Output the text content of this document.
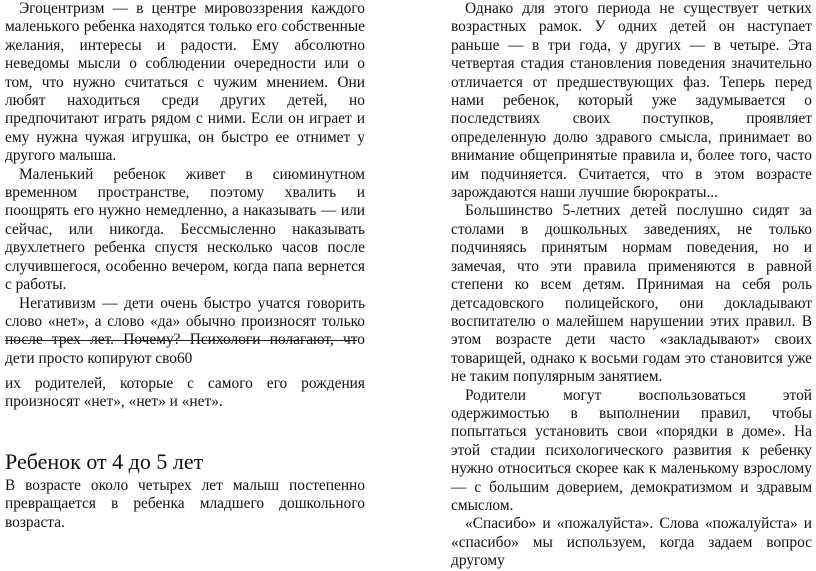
Эгоцентризм — в центре мировоззрения каждого маленького ребенка находятся только его собственные желания, интересы и радости. Ему абсолютно неведомы мысли о соблюдении очередности или о том, что нужно считаться с чужим мнением. Они любят находиться среди других детей, но предпочитают играть рядом с ними. Если он играет и ему нужна чужая игрушка, он быстро ее отнимет у другого малыша.

Маленький ребенок живет в сиюминутном временном пространстве, поэтому хвалить и поощрять его нужно немедленно, а наказывать — или сейчас, или никогда. Бессмысленно наказывать двухлетнего ребенка спустя несколько часов после случившегося, особенно вечером, когда папа вернется с работы.

Негативизм — дети очень быстро учатся говорить слово «нет», а слово «да» обычно произносят только после трех лет. Почему? Психологи полагают, что дети просто копируют сво60

их родителей, которые с самого его рождения произносят «нет», «нет» и «нет».

Ребенок от 4 до 5 лет

В возрасте около четырех лет малыш постепенно превращается в ребенка младшего дошкольного возраста.

Однако для этого периода не существует четких возрастных рамок. У одних детей он наступает раньше — в три года, у других — в четыре. Эта четвертая стадия становления поведения значительно отличается от предшествующих фаз. Теперь перед нами ребенок, который уже задумывается о последствиях своих поступков, проявляет определенную долю здравого смысла, принимает во внимание общепринятые правила и, более того, часто им подчиняется. Считается, что в этом возрасте зарождаются наши лучшие бюрократы...

Большинство 5-летних детей послушно сидят за столами в дошкольных заведениях, не только подчиняясь принятым нормам поведения, но и замечая, что эти правила применяются в равной степени ко всем детям. Принимая на себя роль детсадовского полицейского, они докладывают воспитателю о малейшем нарушении этих правил. В этом возрасте дети часто «закладывают» своих товарищей, однако к восьми годам это становится уже не таким популярным занятием.

Родители могут воспользоваться этой одержимостью в выполнении правил, чтобы попытаться установить свои «порядки в доме». На этой стадии психологического развития к ребенку нужно относиться скорее как к маленькому взрослому — с большим доверием, демократизмом и здравым смыслом.

«Спасибо» и «пожалуйста». Слова «пожалуйста» и «спасибо» мы используем, когда задаем вопрос другому
